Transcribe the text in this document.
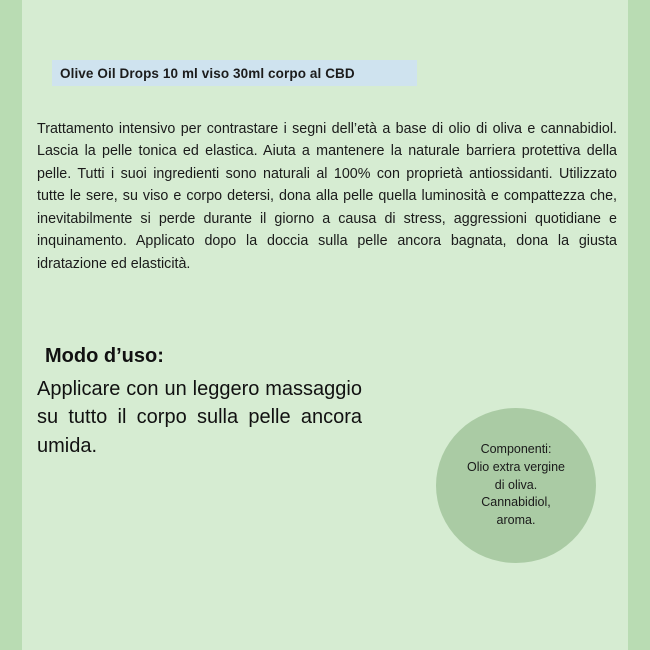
Olive Oil Drops 10 ml viso 30ml corpo al CBD
Trattamento intensivo per contrastare i segni dell’età a base di olio di oliva e cannabidiol. Lascia la pelle tonica ed elastica. Aiuta a mantenere la naturale barriera protettiva della pelle. Tutti i suoi ingredienti sono naturali al 100% con proprietà antiossidanti. Utilizzato tutte le sere, su viso e corpo detersi, dona alla pelle quella luminosità e compattezza che, inevitabilmente si perde durante il giorno a causa di stress, aggressioni quotidiane e inquinamento. Applicato dopo la doccia sulla pelle ancora bagnata, dona la giusta idratazione ed elasticità.
Modo d’uso:
Applicare con un leggero massaggio su tutto il corpo sulla pelle ancora umida.	Componenti:
Olio extra vergine
di oliva.
Cannabidiol,
aroma.
